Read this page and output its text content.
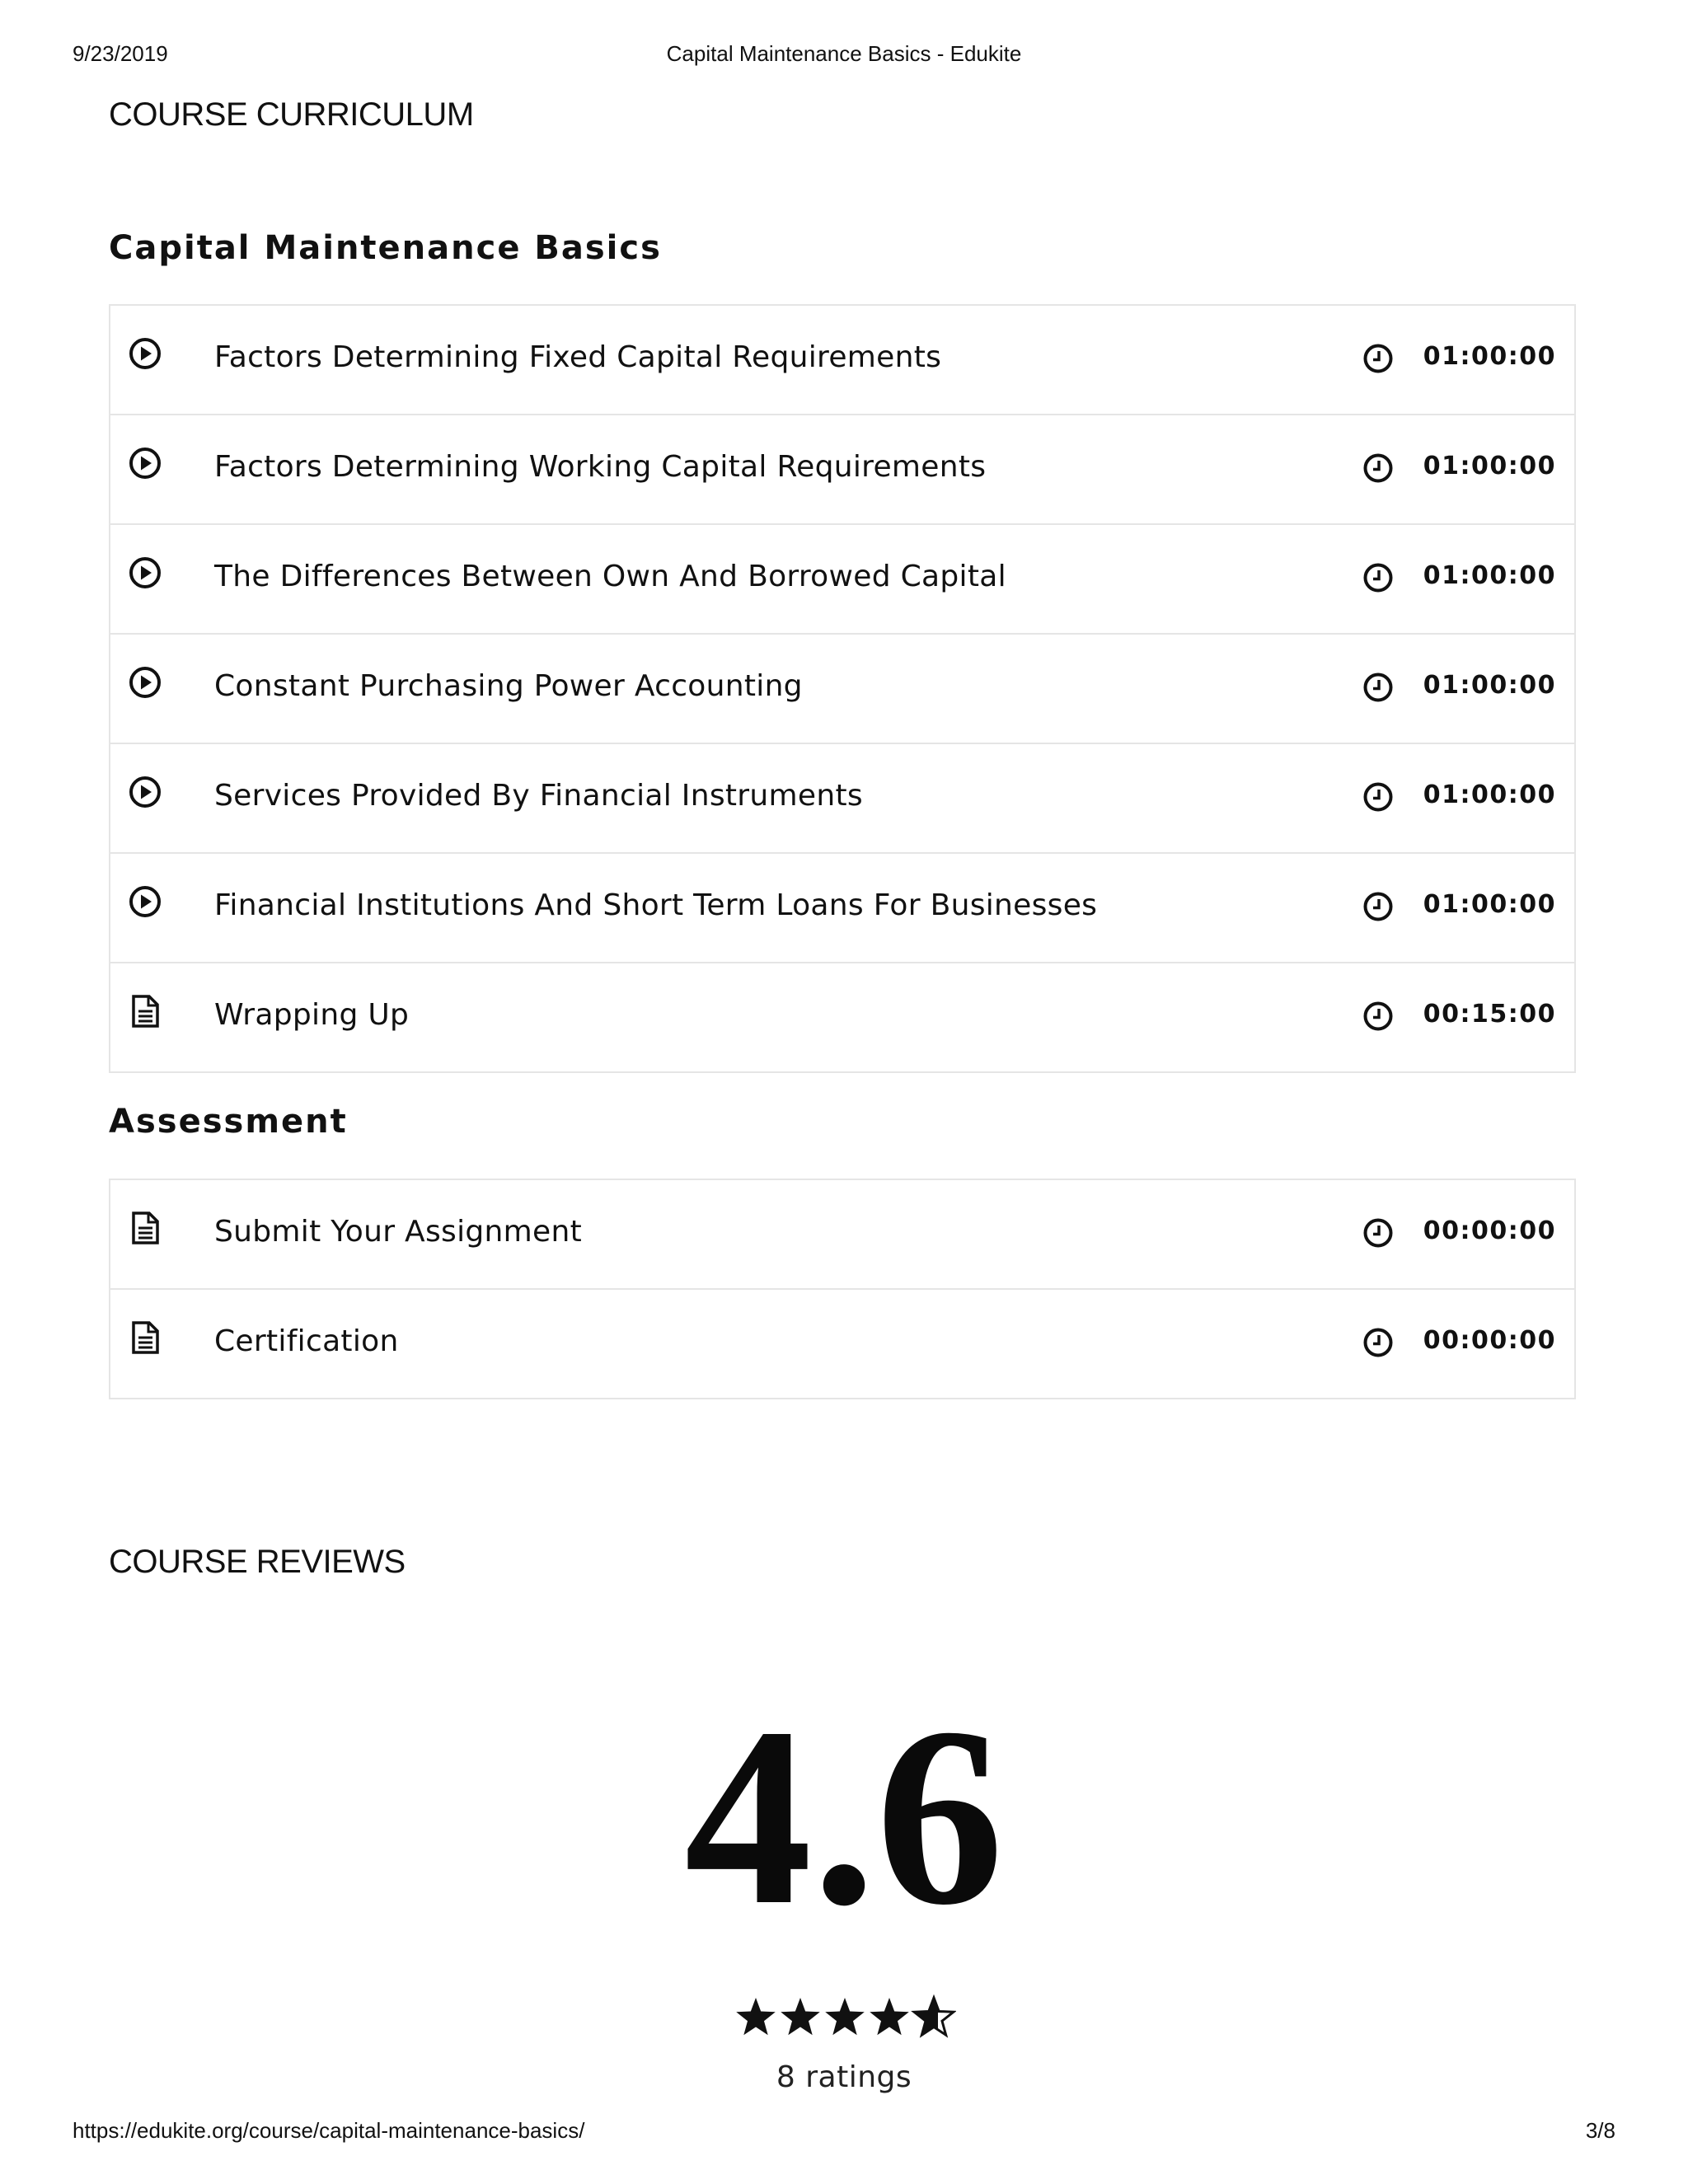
9/23/2019	Capital Maintenance Basics - Edukite
COURSE CURRICULUM
Capital Maintenance Basics
Factors Determining Fixed Capital Requirements	01:00:00
Factors Determining Working Capital Requirements	01:00:00
The Differences Between Own And Borrowed Capital	01:00:00
Constant Purchasing Power Accounting	01:00:00
Services Provided By Financial Instruments	01:00:00
Financial Institutions And Short Term Loans For Businesses	01:00:00
Wrapping Up	00:15:00
Assessment
Submit Your Assignment	00:00:00
Certification	00:00:00
COURSE REVIEWS
4.6
8 ratings
https://edukite.org/course/capital-maintenance-basics/	3/8
